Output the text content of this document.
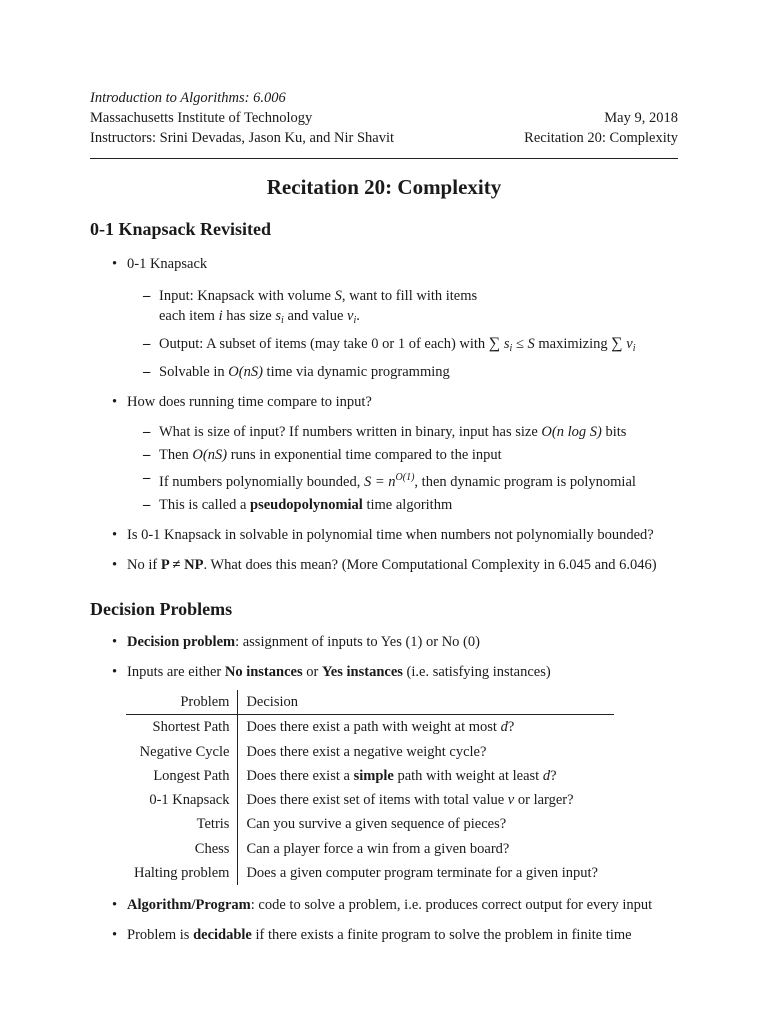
Introduction to Algorithms: 6.006
Massachusetts Institute of Technology	May 9, 2018
Instructors: Srini Devadas, Jason Ku, and Nir Shavit	Recitation 20: Complexity
Recitation 20: Complexity
0-1 Knapsack Revisited
• 0-1 Knapsack
– Input: Knapsack with volume S, want to fill with items
each item i has size $s_i$ and value $v_i$.
– Output: A subset of items (may take 0 or 1 of each) with ∑ $s_i \le S$ maximizing ∑ $v_i$
– Solvable in O(nS) time via dynamic programming
• How does running time compare to input?
– What is size of input? If numbers written in binary, input has size O(n log S) bits
– Then O(nS) runs in exponential time compared to the input
– If numbers polynomially bounded, $S = n^{O(1)}$, then dynamic program is polynomial
– This is called a pseudopolynomial time algorithm
• Is 0-1 Knapsack in solvable in polynomial time when numbers not polynomially bounded?
• No if P ≠ NP. What does this mean? (More Computational Complexity in 6.045 and 6.046)
Decision Problems
• Decision problem: assignment of inputs to Yes (1) or No (0)
• Inputs are either No instances or Yes instances (i.e. satisfying instances)
Problem	Decision
Shortest Path	Does there exist a path with weight at most d?
Negative Cycle	Does there exist a negative weight cycle?
Longest Path	Does there exist a simple path with weight at least d?
0-1 Knapsack	Does there exist set of items with total value v or larger?
Tetris	Can you survive a given sequence of pieces?
Chess	Can a player force a win from a given board?
Halting problem	Does a given computer program terminate for a given input?
• Algorithm/Program: code to solve a problem, i.e. produces correct output for every input
• Problem is decidable if there exists a finite program to solve the problem in finite time
